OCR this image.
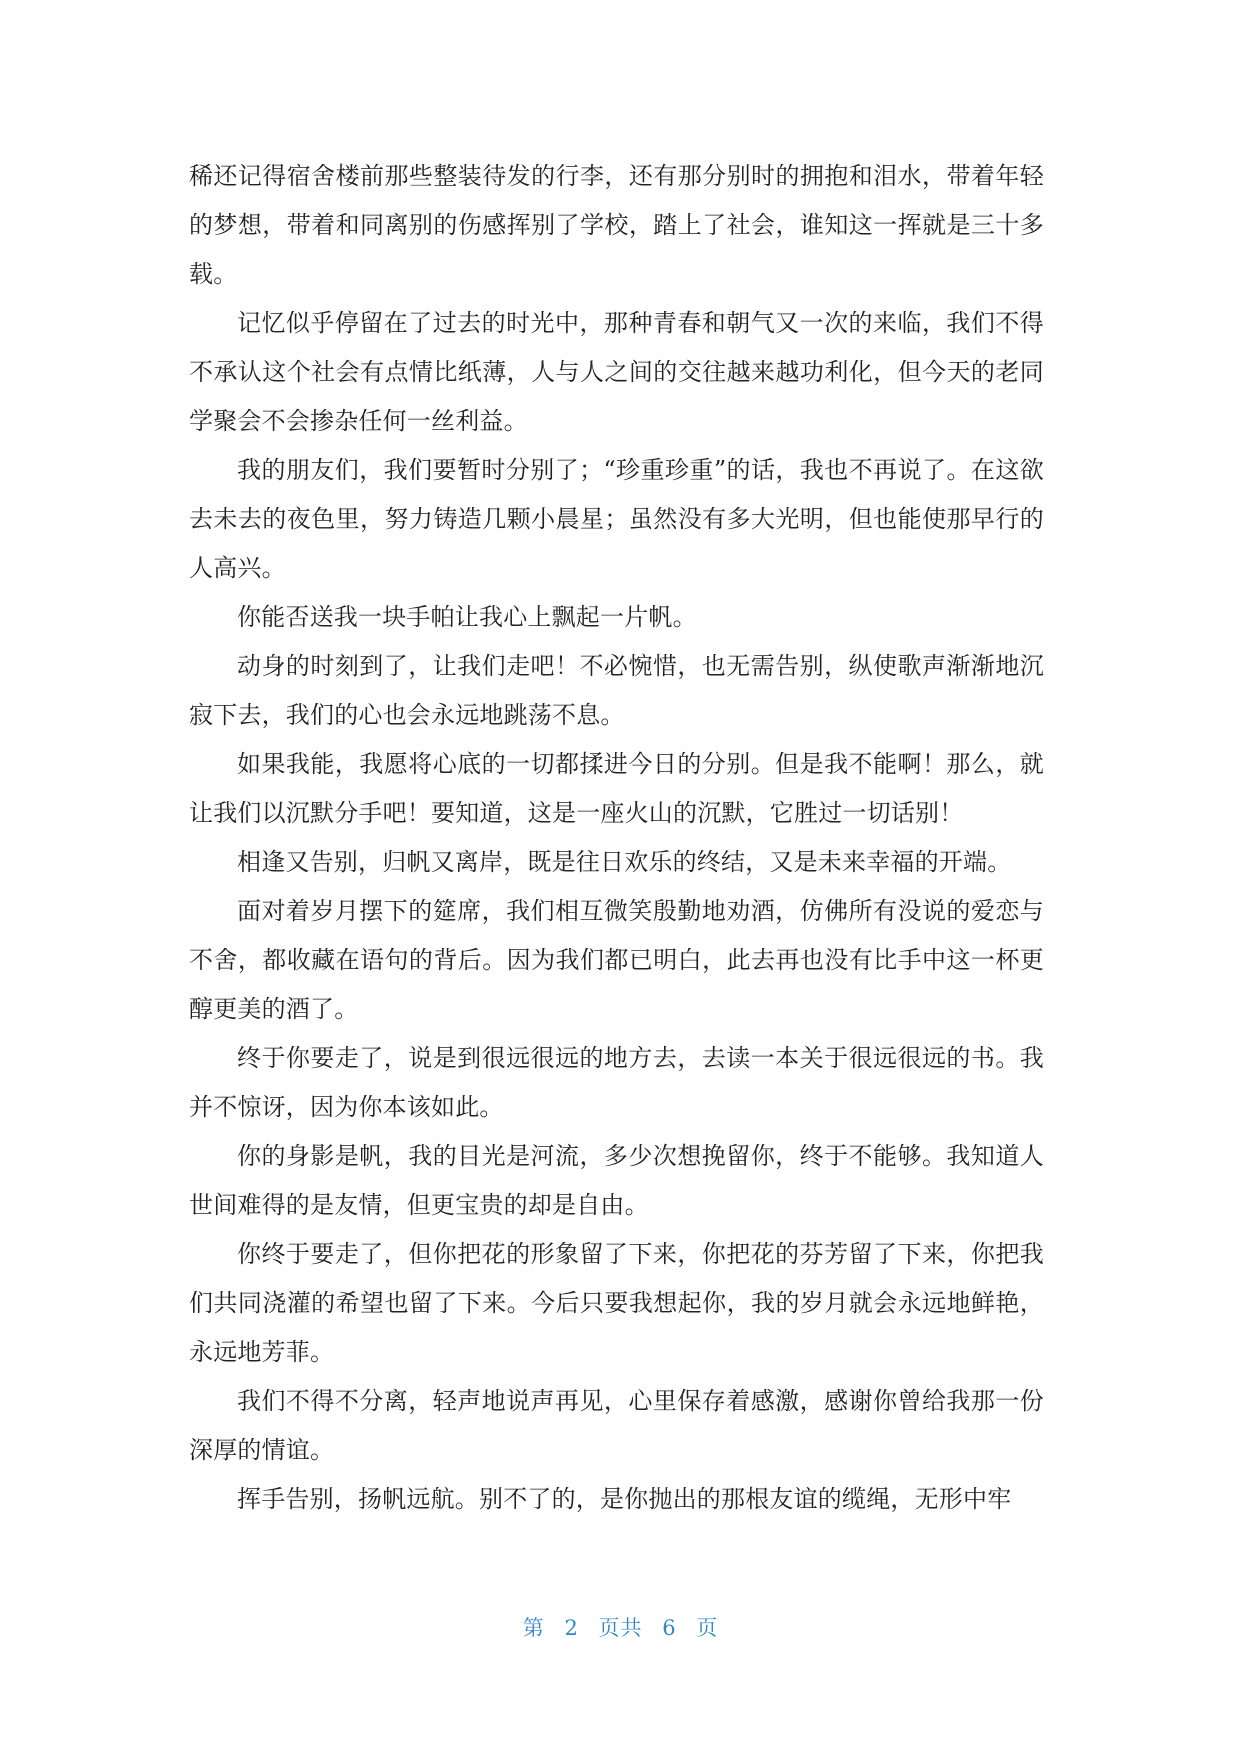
稀还记得宿舍楼前那些整装待发的行李，还有那分别时的拥抱和泪水，带着年轻的梦想，带着和同离别的伤感挥别了学校，踏上了社会，谁知这一挥就是三十多载。

记忆似乎停留在了过去的时光中，那种青春和朝气又一次的来临，我们不得不承认这个社会有点情比纸薄，人与人之间的交往越来越功利化，但今天的老同学聚会不会掺杂任何一丝利益。

我的朋友们，我们要暂时分别了；“珍重珍重”的话，我也不再说了。在这欲去未去的夜色里，努力铸造几颗小晨星；虽然没有多大光明，但也能使那早行的人高兴。

你能否送我一块手帕让我心上飘起一片帆。

动身的时刻到了，让我们走吧！不必惋惜，也无需告别，纵使歌声渐渐地沉寂下去，我们的心也会永远地跳荡不息。

如果我能，我愿将心底的一切都揉进今日的分别。但是我不能啊！那么，就让我们以沉默分手吧！要知道，这是一座火山的沉默，它胜过一切话别！

相逢又告别，归帆又离岸，既是往日欢乐的终结，又是未来幸福的开端。

面对着岁月摆下的筵席，我们相互微笑殷勤地劝酒，仿佛所有没说的爱恋与不舍，都收藏在语句的背后。因为我们都已明白，此去再也没有比手中这一杯更醇更美的酒了。

终于你要走了，说是到很远很远的地方去，去读一本关于很远很远的书。我并不惊讶，因为你本该如此。

你的身影是帆，我的目光是河流，多少次想挽留你，终于不能够。我知道人世间难得的是友情，但更宝贵的却是自由。

你终于要走了，但你把花的形象留了下来，你把花的芬芳留了下来，你把我们共同浇灌的希望也留了下来。今后只要我想起你，我的岁月就会永远地鲜艳，永远地芳菲。

我们不得不分离，轻声地说声再见，心里保存着感激，感谢你曾给我那一份深厚的情谊。

挥手告别，扬帆远航。别不了的，是你抛出的那根友谊的缆绳，无形中牢

第 2 页共 6 页
